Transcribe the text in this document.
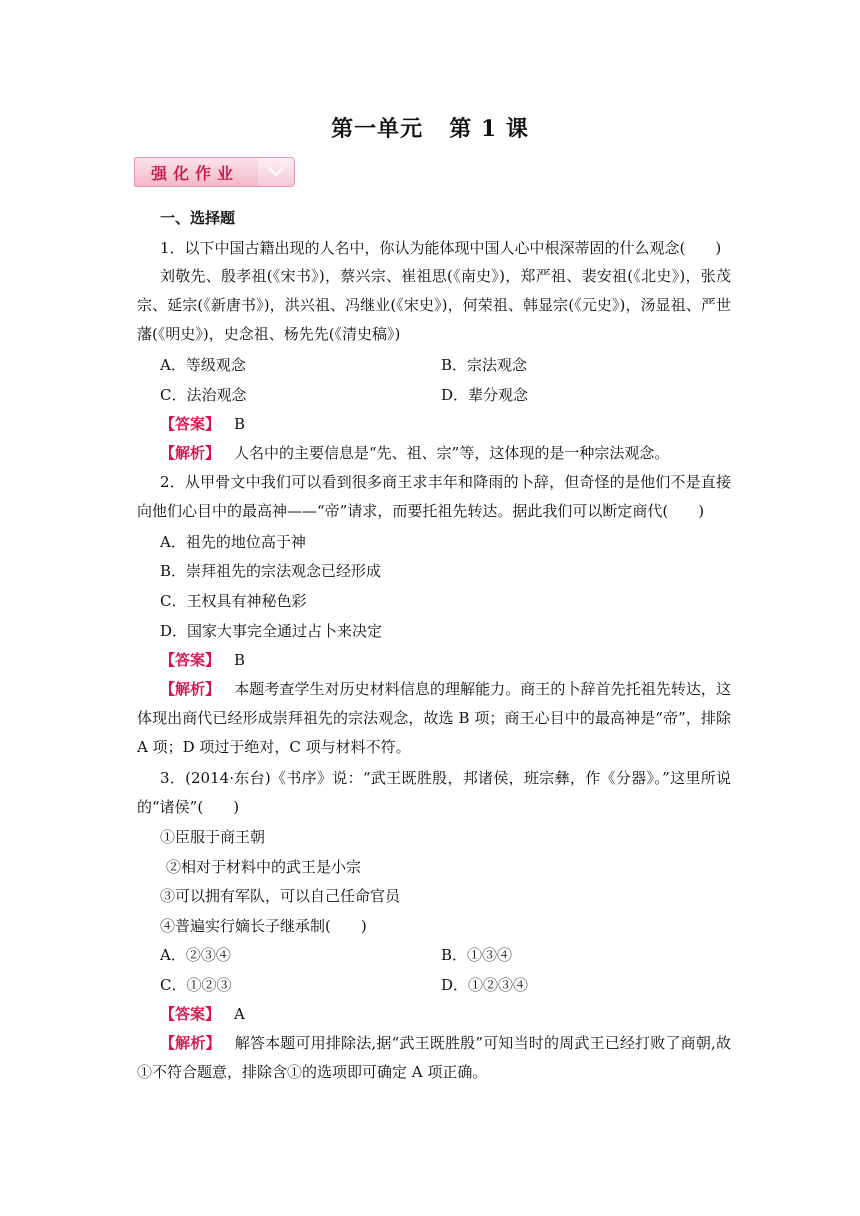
第一单元 第 1 课
强化作业
一、选择题
1．以下中国古籍出现的人名中，你认为能体现中国人心中根深蒂固的什么观念(　　)
刘敬先、殷孝祖(《宋书》)，蔡兴宗、崔祖思(《南史》)，郑严祖、裴安祖(《北史》)，张茂宗、延宗(《新唐书》)，洪兴祖、冯继业(《宋史》)，何荣祖、韩显宗(《元史》)，汤显祖、严世藩(《明史》)，史念祖、杨先先(《清史稿》)
A．等级观念	B．宗法观念
C．法治观念	D．辈分观念
【答案】 B
【解析】 人名中的主要信息是“先、祖、宗”等，这体现的是一种宗法观念。
2．从甲骨文中我们可以看到很多商王求丰年和降雨的卜辞，但奇怪的是他们不是直接向他们心目中的最高神——“帝”请求，而要托祖先转达。据此我们可以断定商代(　　)
A．祖先的地位高于神
B．崇拜祖先的宗法观念已经形成
C．王权具有神秘色彩
D．国家大事完全通过占卜来决定
【答案】 B
【解析】 本题考查学生对历史材料信息的理解能力。商王的卜辞首先托祖先转达，这体现出商代已经形成崇拜祖先的宗法观念，故选 B 项；商王心目中的最高神是“帝”，排除 A 项；D 项过于绝对，C 项与材料不符。
3．(2014·东台)《书序》说：“武王既胜殷，邦诸侯，班宗彝，作《分器》。”这里所说的“诸侯”(　　)
①臣服于商王朝
②相对于材料中的武王是小宗
③可以拥有军队，可以自己任命官员
④普遍实行嫡长子继承制(　　)
A．②③④	B．①③④
C．①②③	D．①②③④
【答案】 A
【解析】 解答本题可用排除法,据“武王既胜殷”可知当时的周武王已经打败了商朝,故①不符合题意，排除含①的选项即可确定 A 项正确。
